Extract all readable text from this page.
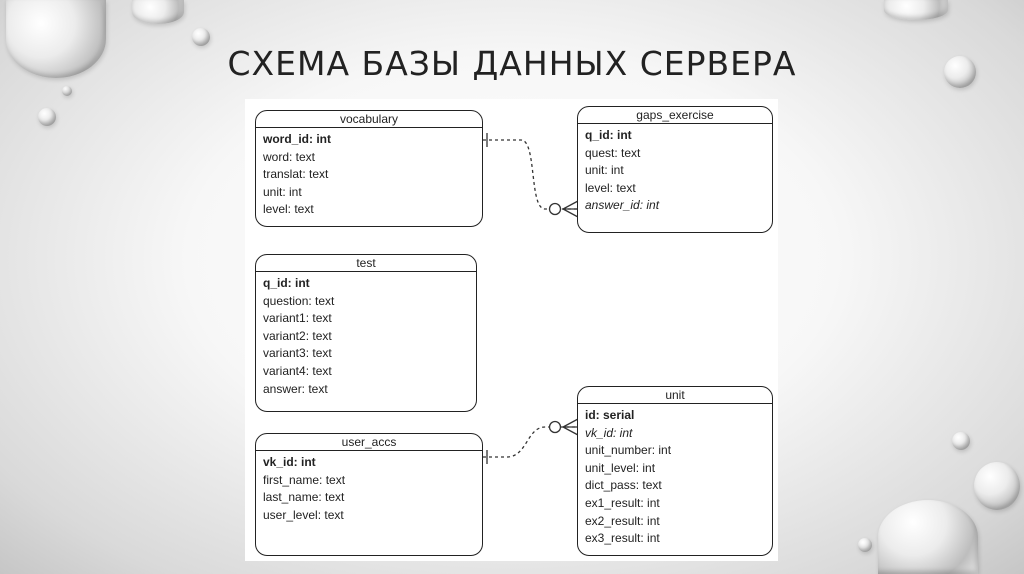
СХЕМА БАЗЫ ДАННЫХ СЕРВЕРА
vocabulary
word_id: int
word: text
translat: text
unit: int
level: text
gaps_exercise
q_id: int
quest: text
unit: int
level: text
answer_id: int
test
q_id: int
question: text
variant1: text
variant2: text
variant3: text
variant4: text
answer: text
user_accs
vk_id: int
first_name: text
last_name: text
user_level: text
unit
id: serial
vk_id: int
unit_number: int
unit_level: int
dict_pass: text
ex1_result: int
ex2_result: int
ex3_result: int
